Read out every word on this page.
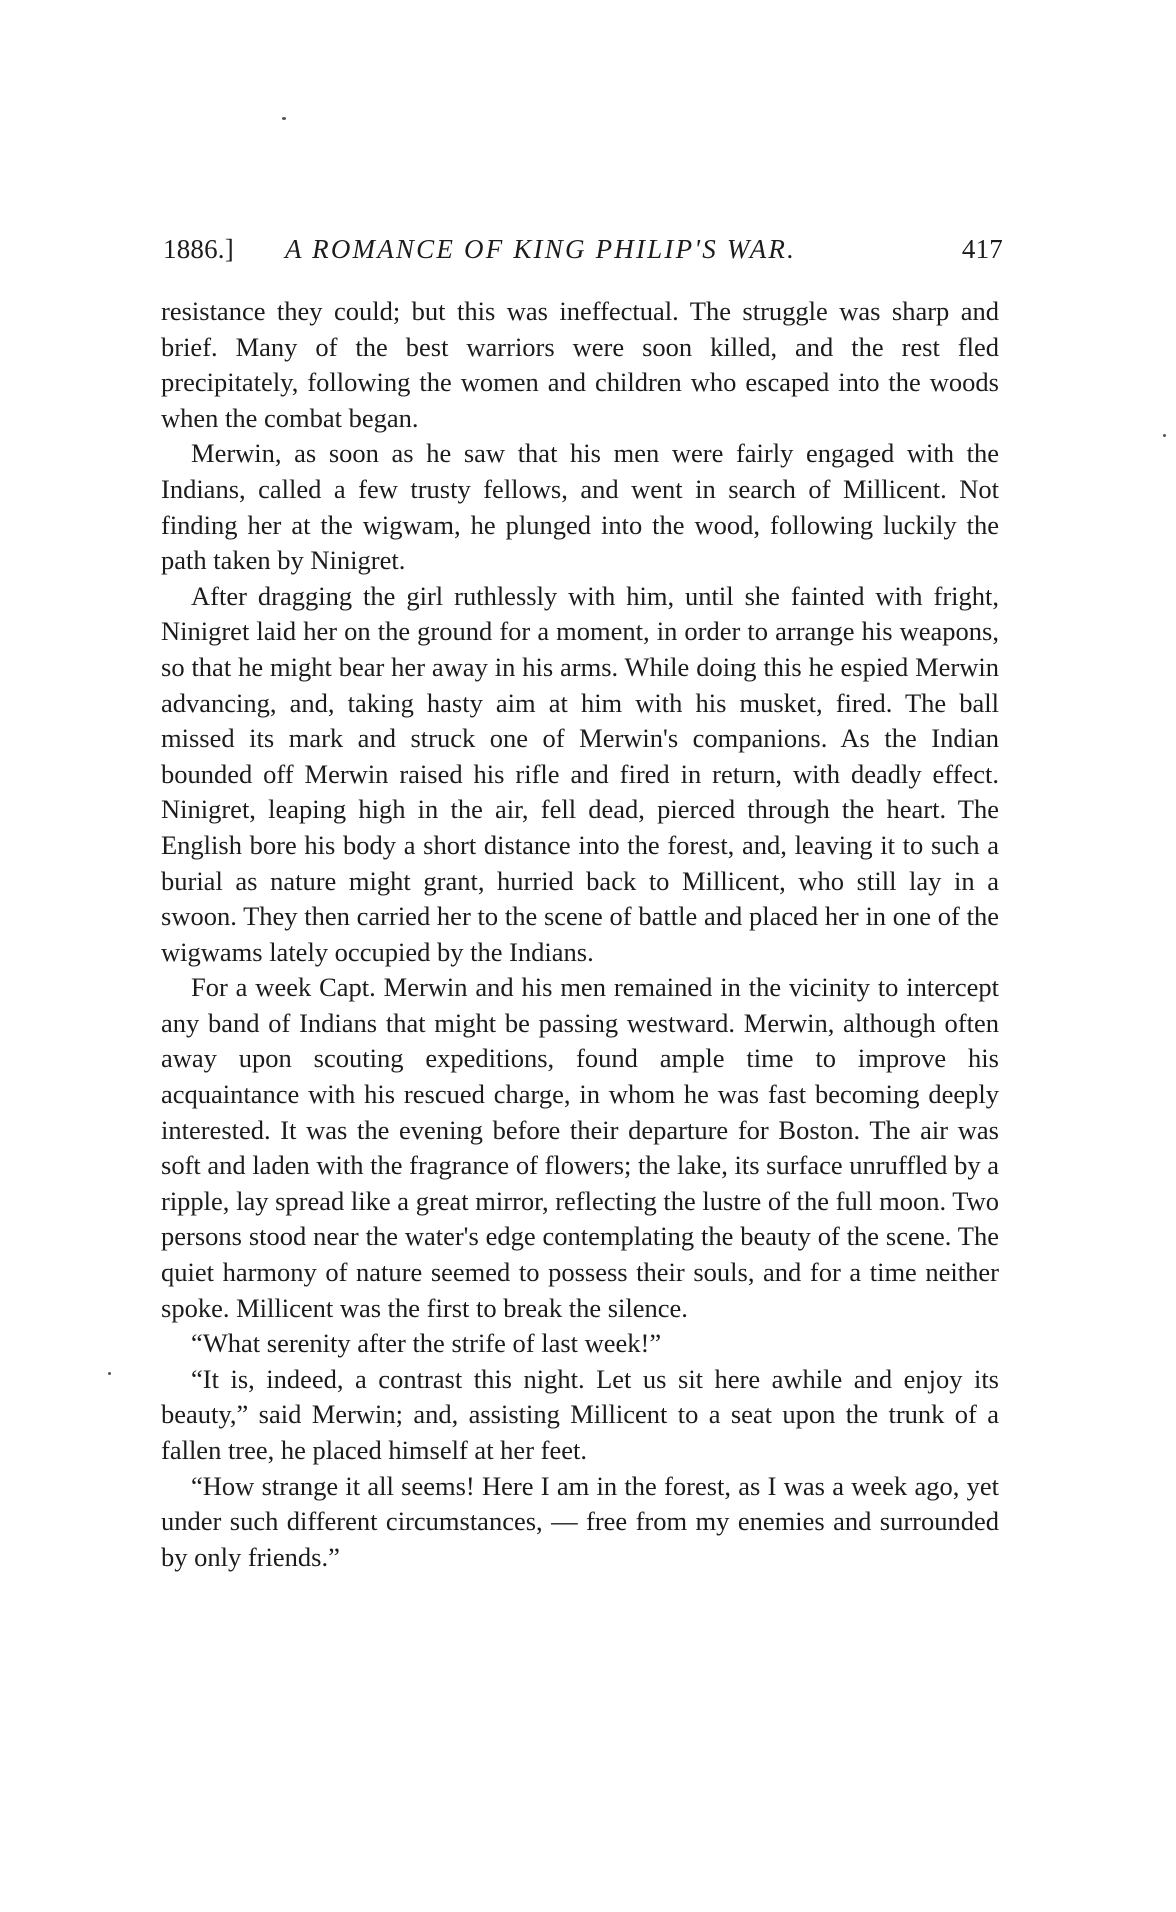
1886.] A ROMANCE OF KING PHILIP'S WAR.	417

resistance they could; but this was ineffectual. The struggle was sharp and brief. Many of the best warriors were soon killed, and the rest fled precipitately, following the women and children who escaped into the woods when the combat began.

Merwin, as soon as he saw that his men were fairly engaged with the Indians, called a few trusty fellows, and went in search of Millicent. Not finding her at the wigwam, he plunged into the wood, following luckily the path taken by Ninigret.

After dragging the girl ruthlessly with him, until she fainted with fright, Ninigret laid her on the ground for a moment, in order to arrange his weapons, so that he might bear her away in his arms. While doing this he espied Merwin advancing, and, taking hasty aim at him with his musket, fired. The ball missed its mark and struck one of Merwin's companions. As the Indian bounded off Merwin raised his rifle and fired in return, with deadly effect. Ninigret, leaping high in the air, fell dead, pierced through the heart. The English bore his body a short distance into the forest, and, leaving it to such a burial as nature might grant, hurried back to Millicent, who still lay in a swoon. They then carried her to the scene of battle and placed her in one of the wigwams lately occupied by the Indians.

For a week Capt. Merwin and his men remained in the vicinity to intercept any band of Indians that might be passing westward. Merwin, although often away upon scouting expeditions, found ample time to improve his acquaintance with his rescued charge, in whom he was fast becoming deeply interested. It was the evening before their departure for Boston. The air was soft and laden with the fragrance of flowers; the lake, its surface unruffled by a ripple, lay spread like a great mirror, reflecting the lustre of the full moon. Two persons stood near the water's edge contemplating the beauty of the scene. The quiet harmony of nature seemed to possess their souls, and for a time neither spoke. Millicent was the first to break the silence.

“What serenity after the strife of last week!”

“It is, indeed, a contrast this night. Let us sit here awhile and enjoy its beauty,” said Merwin; and, assisting Millicent to a seat upon the trunk of a fallen tree, he placed himself at her feet.

“How strange it all seems! Here I am in the forest, as I was a week ago, yet under such different circumstances, — free from my enemies and surrounded by only friends.”
